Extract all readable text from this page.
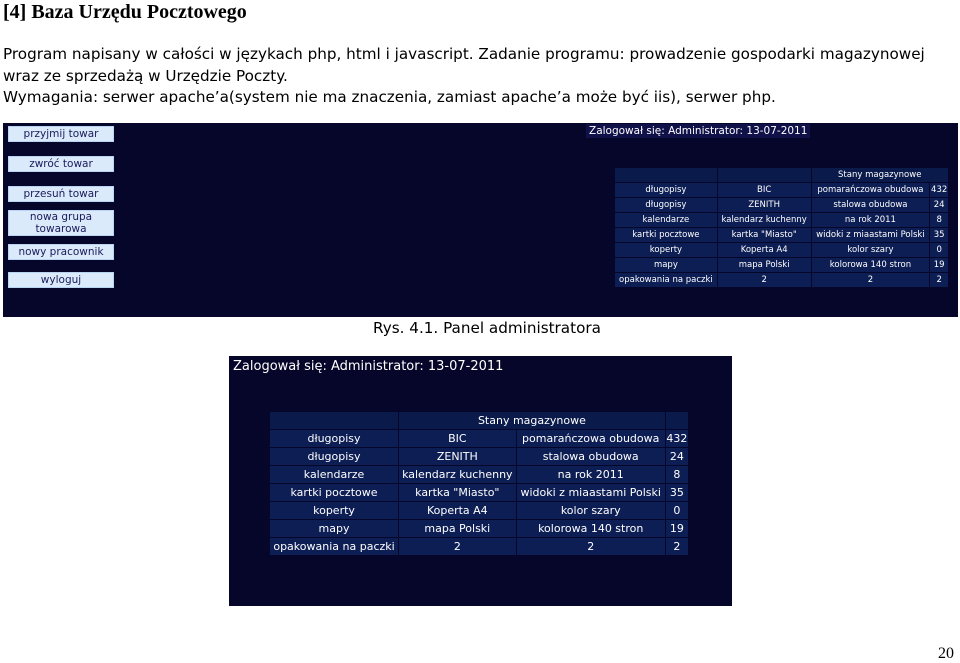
[4] Baza Urzędu Pocztowego

Program napisany w całości w językach php, html i javascript. Zadanie programu: prowadzenie gospodarki magazynowej wraz ze sprzedażą w Urzędzie Poczty.

Wymagania: serwer apache’a(system nie ma znaczenia, zamiast apache’a może być iis), serwer php.

przyjmij towar
zwróć towar
przesuń towar
nowa grupa towarowa
nowy pracownik
wyloguj
Zalogował się: Administrator: 13-07-2011
		Stany magazynowe		
długopisy	BIC	pomarańczowa obudowa	432	
długopisy	ZENITH	stalowa obudowa	24	
kalendarze	kalendarz kuchenny	na rok 2011	8	
kartki pocztowe	kartka "Miasto"	widoki z miaastami Polski	35	
koperty	Koperta A4	kolor szary	0	
mapy	mapa Polski	kolorowa 140 stron	19	
opakowania na paczki	2	2	2	
Rys. 4.1. Panel administratora
Zalogował się: Administrator: 13-07-2011
	Stany magazynowe		
długopisy	BIC	pomarańczowa obudowa	432
długopisy	ZENITH	stalowa obudowa	24
kalendarze	kalendarz kuchenny	na rok 2011	8
kartki pocztowe	kartka "Miasto"	widoki z miaastami Polski	35
koperty	Koperta A4	kolor szary	0
mapy	mapa Polski	kolorowa 140 stron	19
opakowania na paczki	2	2	2
20
